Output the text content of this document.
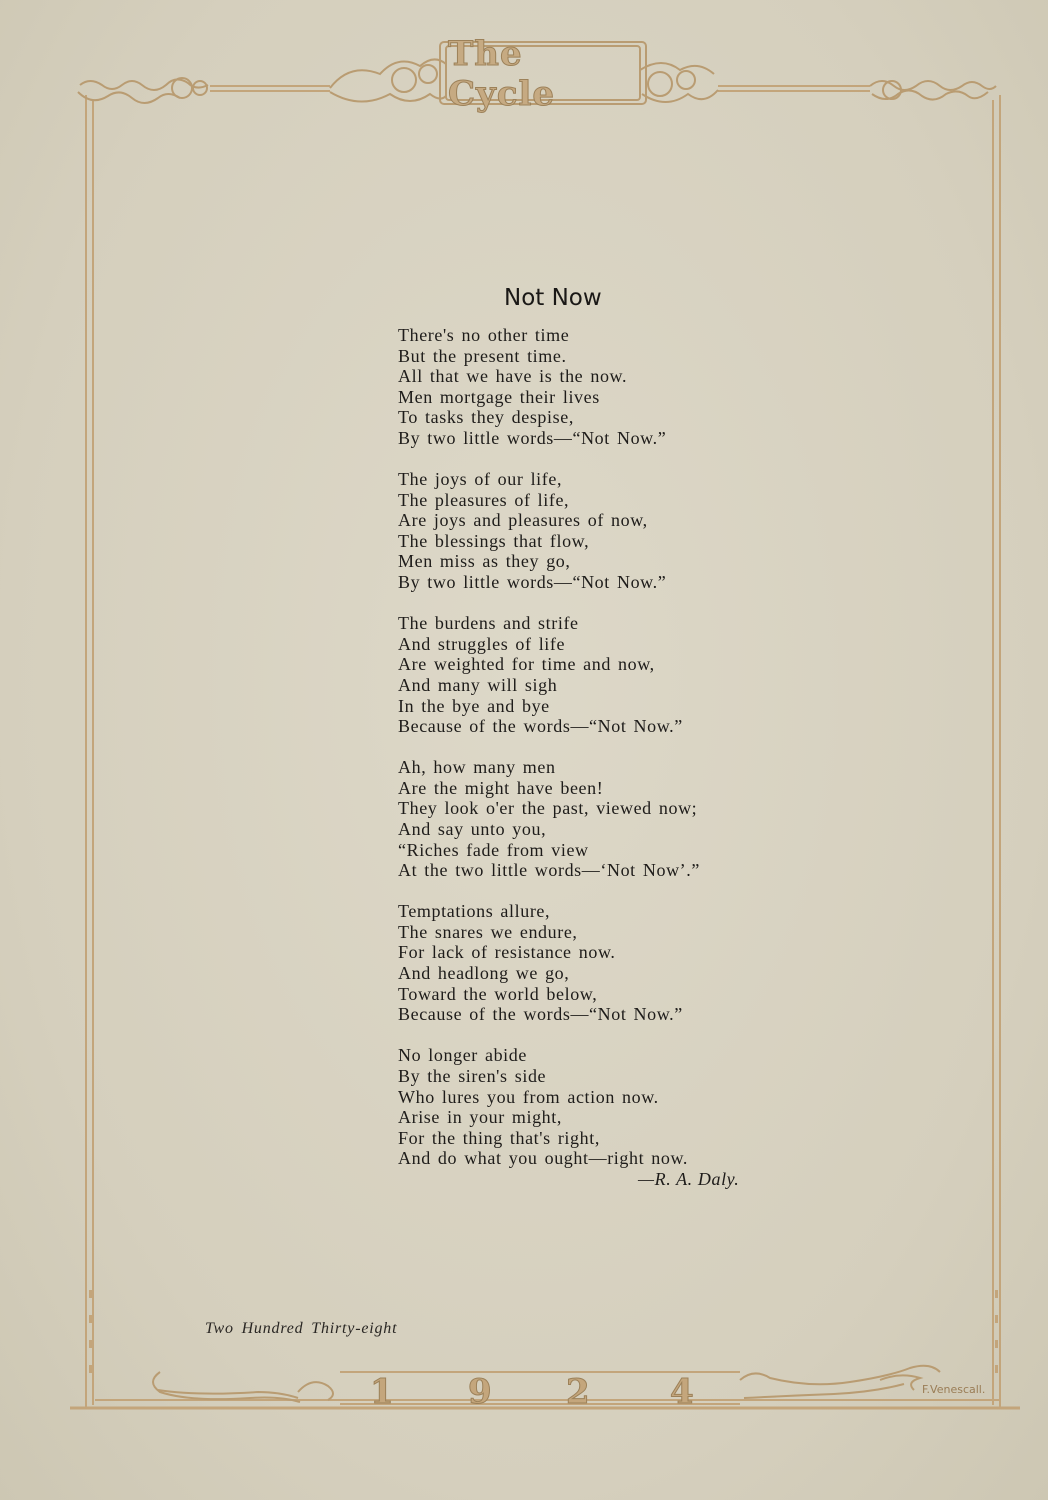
The Cycle
1 9 2 4	F.Venescall.
Not Now
There's no other time
But the present time.
All that we have is the now.
Men mortgage their lives
To tasks they despise,
By two little words—“Not Now.”
The joys of our life,
The pleasures of life,
Are joys and pleasures of now,
The blessings that flow,
Men miss as they go,
By two little words—“Not Now.”
The burdens and strife
And struggles of life
Are weighted for time and now,
And many will sigh
In the bye and bye
Because of the words—“Not Now.”
Ah, how many men
Are the might have been!
They look o'er the past, viewed now;
And say unto you,
“Riches fade from view
At the two little words—‘Not Now’.”
Temptations allure,
The snares we endure,
For lack of resistance now.
And headlong we go,
Toward the world below,
Because of the words—“Not Now.”
No longer abide
By the siren's side
Who lures you from action now.
Arise in your might,
For the thing that's right,
And do what you ought—right now.
—R. A. Daly.
Two Hundred Thirty-eight
